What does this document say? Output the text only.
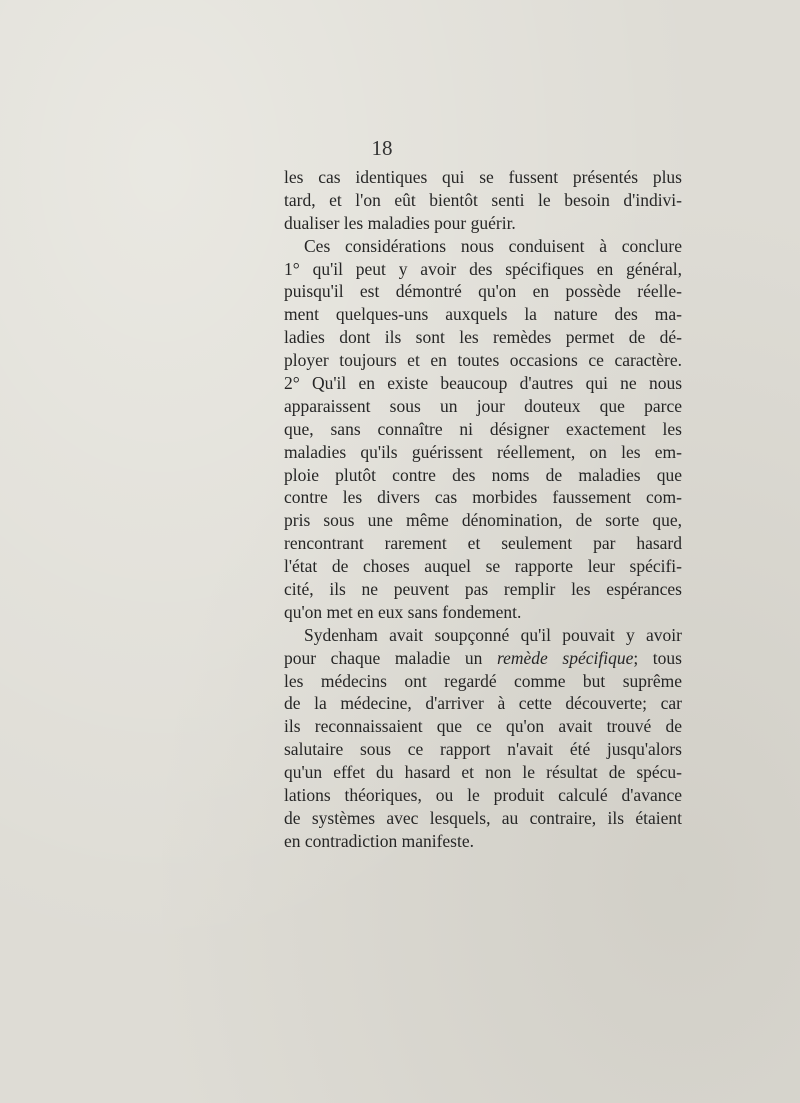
18
les cas identiques qui se fussent présentés plus
tard, et l'on eût bientôt senti le besoin d'indivi-
dualiser les maladies pour guérir.
Ces considérations nous conduisent à conclure
1° qu'il peut y avoir des spécifiques en général,
puisqu'il est démontré qu'on en possède réelle-
ment quelques-uns auxquels la nature des ma-
ladies dont ils sont les remèdes permet de dé-
ployer toujours et en toutes occasions ce caractère.
2° Qu'il en existe beaucoup d'autres qui ne nous
apparaissent sous un jour douteux que parce
que, sans connaître ni désigner exactement les
maladies qu'ils guérissent réellement, on les em-
ploie plutôt contre des noms de maladies que
contre les divers cas morbides faussement com-
pris sous une même dénomination, de sorte que,
rencontrant rarement et seulement par hasard
l'état de choses auquel se rapporte leur spécifi-
cité, ils ne peuvent pas remplir les espérances
qu'on met en eux sans fondement.
Sydenham avait soupçonné qu'il pouvait y avoir
pour chaque maladie un remède spécifique; tous
les médecins ont regardé comme but suprême
de la médecine, d'arriver à cette découverte; car
ils reconnaissaient que ce qu'on avait trouvé de
salutaire sous ce rapport n'avait été jusqu'alors
qu'un effet du hasard et non le résultat de spécu-
lations théoriques, ou le produit calculé d'avance
de systèmes avec lesquels, au contraire, ils étaient
en contradiction manifeste.
